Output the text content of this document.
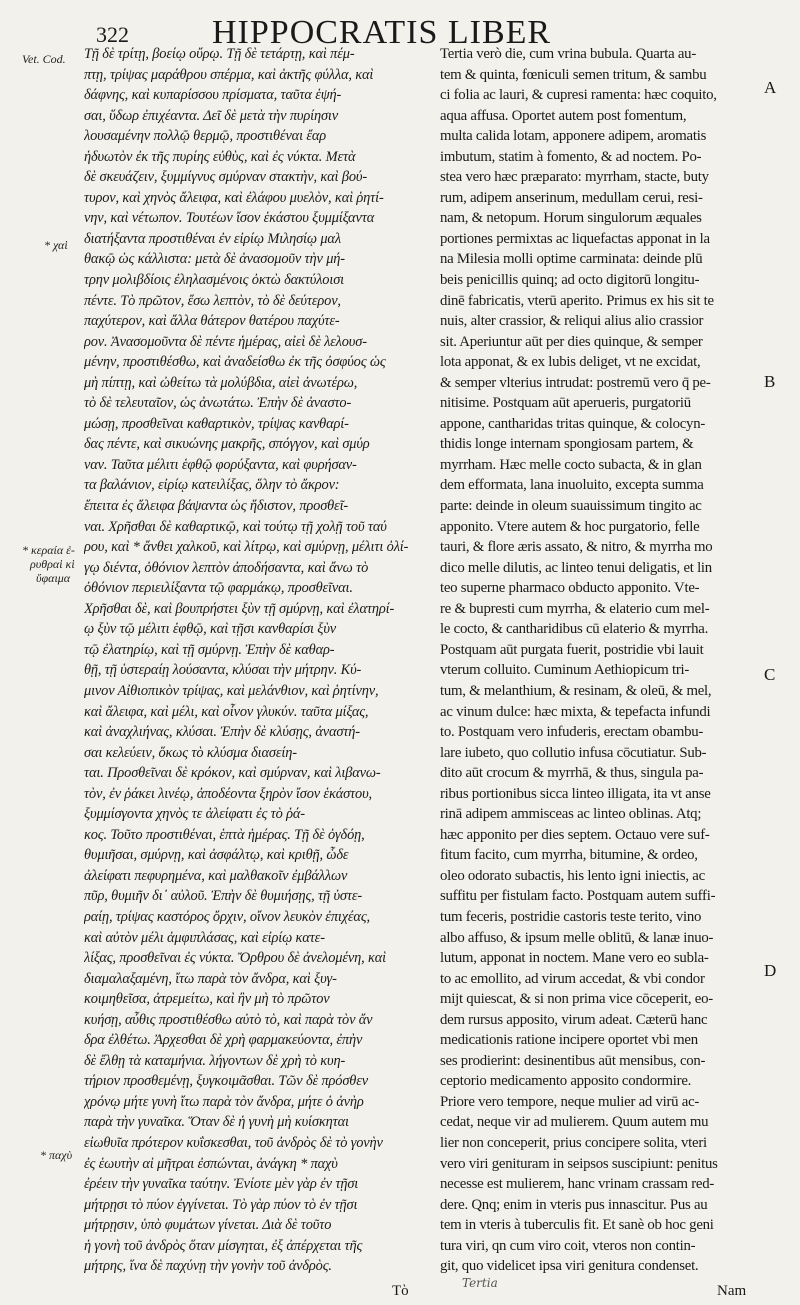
322 HIPPOCRATIS LIBER
Vet. Cod.
* χαὶ
* κεραία ἐ-
ρυθραὶ κὶ
ὕφαιμα
* παχὺ
Τῇ δὲ τρίτῃ, βοείῳ οὔρῳ. Τῇ δὲ τετάρτῃ, καὶ πέμ-
πτῃ, τρίψας μαράθρου σπέρμα, καὶ ἀκτῆς φύλλα, καὶ
δάφνης, καὶ κυπαρίσσου πρίσματα, ταῦτα ἑψή-
σαι, ὕδωρ ἐπιχέαντα. Δεῖ δὲ μετὰ τὴν πυρίησιν
λουσαμένην πολλῷ θερμῷ, προστιθέναι ἔαρ
ἡδυωτὸν ἐκ τῆς πυρίης εὐθὺς, καὶ ἐς νύκτα. Μετὰ
δὲ σκευάζειν, ξυμμίγνυς σμύρναν στακτὴν, καὶ βού-
τυρον, καὶ χηνὸς ἄλειφα, καὶ ἐλάφου μυελὸν, καὶ ῥητί-
νην, καὶ νέτωπον. Τουτέων ἴσον ἑκάστου ξυμμίξαντα
διατήξαντα προστιθέναι ἐν εἰρίῳ Μιλησίῳ μαλ
θακῷ ὡς κάλλιστα: μετὰ δὲ ἀνασομοῦν τὴν μή-
τρην μολιβδίοις ἐληλασμένοις ὀκτὼ δακτύλοισι
πέντε. Τὸ πρῶτον, ἔσω λεπτὸν, τὸ δὲ δεύτερον,
παχύτερον, καὶ ἄλλα θάτερον θατέρου παχύτε-
ρον. Ἀνασομοῦντα δὲ πέντε ἡμέρας, αἰεὶ δὲ λελουσ-
μένην, προστιθέσθω, καὶ ἀναδείσθω ἐκ τῆς ὀσφύος ὡς
μὴ πίπτῃ, καὶ ὠθείτω τὰ μολύβδια, αἰεὶ ἀνωτέρω,
τὸ δὲ τελευταῖον, ὡς ἀνωτάτω. Ἐπὴν δὲ ἀναστο-
μώσῃ, προσθεῖναι καθαρτικὸν, τρίψας κανθαρί-
δας πέντε, καὶ σικυώνης μακρῆς, σπόγγον, καὶ σμύρ
ναν. Ταῦτα μέλιτι ἑφθῷ φορύξαντα, καὶ φυρήσαν-
τα βαλάνιον, εἰρίῳ κατειλίξας, ὅλην τὸ ἄκρον:
ἔπειτα ἐς ἄλειφα βάψαντα ὡς ἥδιστον, προσθεῖ-
ναι. Χρῆσθαι δὲ καθαρτικῷ, καὶ τούτῳ τῇ χολῇ τοῦ ταύ
ρου, καὶ * ἄνθει χαλκοῦ, καὶ λίτρῳ, καὶ σμύρνῃ, μέλιτι ὀλί-
γῳ διέντα, ὀθόνιον λεπτὸν ἀποδήσαντα, καὶ ἄνω τὸ
ὀθόνιον περιειλίξαντα τῷ φαρμάκῳ, προσθεῖναι.
Χρῆσθαι δὲ, καὶ βουπρήστει ξὺν τῇ σμύρνῃ, καὶ ἐλατηρί-
ῳ ξὺν τῷ μέλιτι ἑφθῷ, καὶ τῇσι κανθαρίσι ξὺν
τῷ ἐλατηρίῳ, καὶ τῇ σμύρνῃ. Ἐπὴν δὲ καθαρ-
θῇ, τῇ ὑστεραίῃ λούσαντα, κλύσαι τὴν μήτρην. Κύ-
μινον Αἰθιοπικὸν τρίψας, καὶ μελάνθιον, καὶ ῥητίνην,
καὶ ἄλειφα, καὶ μέλι, καὶ οἶνον γλυκύν. ταῦτα μίξας,
καὶ ἀναχλιήνας, κλύσαι. Ἐπὴν δὲ κλύσῃς, ἀναστή-
σαι κελεύειν, ὅκως τὸ κλύσμα διασείη-
ται. Προσθεῖναι δὲ κρόκον, καὶ σμύρναν, καὶ λιβανω-
τὸν, ἐν ῥάκει λινέῳ, ἀποδέοντα ξηρὸν ἴσον ἑκάστου,
ξυμμίσγοντα χηνὸς τε ἀλείφατι ἐς τὸ ῥά-
κος. Τοῦτο προστιθέναι, ἑπτὰ ἡμέρας. Τῇ δὲ ὀγδόῃ,
θυμιῆσαι, σμύρνῃ, καὶ ἀσφάλτῳ, καὶ κριθῇ, ὧδε
ἀλείφατι πεφυρημένα, καὶ μαλθακοῖν ἐμβάλλων
πῦρ, θυμιῆν δι᾽ αὐλοῦ. Ἐπὴν δὲ θυμιήσῃς, τῇ ὑστε-
ραίῃ, τρίψας καστόρος ὄρχιν, οἴνον λευκὸν ἐπιχέας,
καὶ αὐτὸν μέλι ἀμφιπλάσας, καὶ εἰρίῳ κατε-
λίξας, προσθεῖναι ἐς νύκτα. Ὄρθρου δὲ ἀνελομένη, καὶ
διαμαλαξαμένη, ἴτω παρὰ τὸν ἄνδρα, καὶ ξυγ-
κοιμηθεῖσα, ἀτρεμείτω, καὶ ἢν μὴ τὸ πρῶτον
κυήσῃ, αὖθις προστιθέσθω αὐτὸ τὸ, καὶ παρὰ τὸν ἄν
δρα ἐλθέτω. Ἀρχεσθαι δὲ χρὴ φαρμακεύοντα, ἐπὴν
δὲ ἔλθῃ τὰ καταμήνια. λήγοντων δὲ χρὴ τὸ κυη-
τήριον προσθεμένῃ, ξυγκοιμᾶσθαι. Τῶν δὲ πρόσθεν
χρόνῳ μήτε γυνὴ ἴτω παρὰ τὸν ἄνδρα, μήτε ὁ ἀνὴρ
παρὰ τὴν γυναῖκα. Ὅταν δὲ ἡ γυνὴ μὴ κυίσκηται
εἰωθυῖα πρότερον κυΐσκεσθαι, τοῦ ἀνδρὸς δὲ τὸ γονὴν
ἐς ἑωυτὴν αἱ μῆτραι ἐσπώνται, ἀνάγκη * παχὺ
ἐρέειν τὴν γυναῖκα ταύτην. Ἐνίοτε μὲν γὰρ ἐν τῇσι
μήτρῃσι τὸ πύον ἐγγίνεται. Τὸ γὰρ πύον τὸ ἐν τῇσι
μήτρῃσιν, ὑπὸ φυμάτων γίνεται. Διὰ δὲ τοῦτο
ἡ γονὴ τοῦ ἀνδρὸς ὅταν μίσγηται, ἐξ ἀπέρχεται τῆς
μήτρης, ἵνα δὲ παχύνῃ τὴν γονὴν τοῦ ἀνδρὸς.
Tertia verò die, cum vrina bubula. Quarta au-
tem & quinta, fœniculi semen tritum, & sambu
ci folia ac lauri, & cupresi ramenta: hæc coquito,
aqua affusa. Oportet autem post fomentum,
multa calida lotam, apponere adipem, aromatis
imbutum, statim à fomento, & ad noctem. Po-
stea vero hæc præparato: myrrham, stacte, buty
rum, adipem anserinum, medullam cerui, resi-
nam, & netopum. Horum singulorum æquales
portiones permixtas ac liquefactas apponat in la
na Milesia molli optime carminata: deinde plū
beis penicillis quinq; ad octo digitorū longitu-
dinē fabricatis, vterū aperito. Primus ex his sit te
nuis, alter crassior, & reliqui alius alio crassior
sit. Aperiuntur aūt per dies quinque, & semper
lota apponat, & ex lubis deliget, vt ne excidat,
& semper vlterius intrudat: postremū vero q̄ pe-
nitisime. Postquam aūt aperueris, purgatoriū
appone, cantharidas tritas quinque, & colocyn-
thidis longe internam spongiosam partem, &
myrrham. Hæc melle cocto subacta, & in glan
dem efformata, lana inuoluito, excepta summa
parte: deinde in oleum suauissimum tingito ac
apponito. Vtere autem & hoc purgatorio, felle
tauri, & flore æris assato, & nitro, & myrrha mo
dico melle dilutis, ac linteo tenui deligatis, et lin
teo superne pharmaco obducto apponito. Vte-
re & bupresti cum myrrha, & elaterio cum mel-
le cocto, & cantharidibus cū elaterio & myrrha.
Postquam aūt purgata fuerit, postridie vbi lauit
vterum colluito. Cuminum Aethiopicum tri-
tum, & melanthium, & resinam, & oleū, & mel,
ac vinum dulce: hæc mixta, & tepefacta infundi
to. Postquam vero infuderis, erectam obambu-
lare iubeto, quo collutio infusa cōcutiatur. Sub-
dito aūt crocum & myrrhā, & thus, singula pa-
ribus portionibus sicca linteo illigata, ita vt anse
rinā adipem ammisceas ac linteo oblinas. Atq;
hæc apponito per dies septem. Octauo vere suf-
fitum facito, cum myrrha, bitumine, & ordeo,
oleo odorato subactis, his lento igni iniectis, ac
suffitu per fistulam facto. Postquam autem suffi-
tum feceris, postridie castoris teste terito, vino
albo affuso, & ipsum melle oblitū, & lanæ inuo-
lutum, apponat in noctem. Mane vero eo subla-
to ac emollito, ad virum accedat, & vbi condor
mijt quiescat, & si non prima vice cōceperit, eo-
dem rursus apposito, virum adeat. Cæterū hanc
medicationis ratione incipere oportet vbi men
ses prodierint: desinentibus aūt mensibus, con-
ceptorio medicamento apposito condormire.
Priore vero tempore, neque mulier ad virū ac-
cedat, neque vir ad mulierem. Quum autem mu
lier non conceperit, prius concipere solita, vteri
vero viri genituram in seipsos suscipiunt: penitus
necesse est mulierem, hanc vrinam crassam red-
dere. Qnq; enim in vteris pus innascitur. Pus au
tem in vteris à tuberculis fit. Et sanè ob hoc geni
tura viri, qn cum viro coit, vteros non contin-
git, quo videlicet ipsa viri genitura condenset.
A
B
C
D
Tertia
Τὸ	Nam
